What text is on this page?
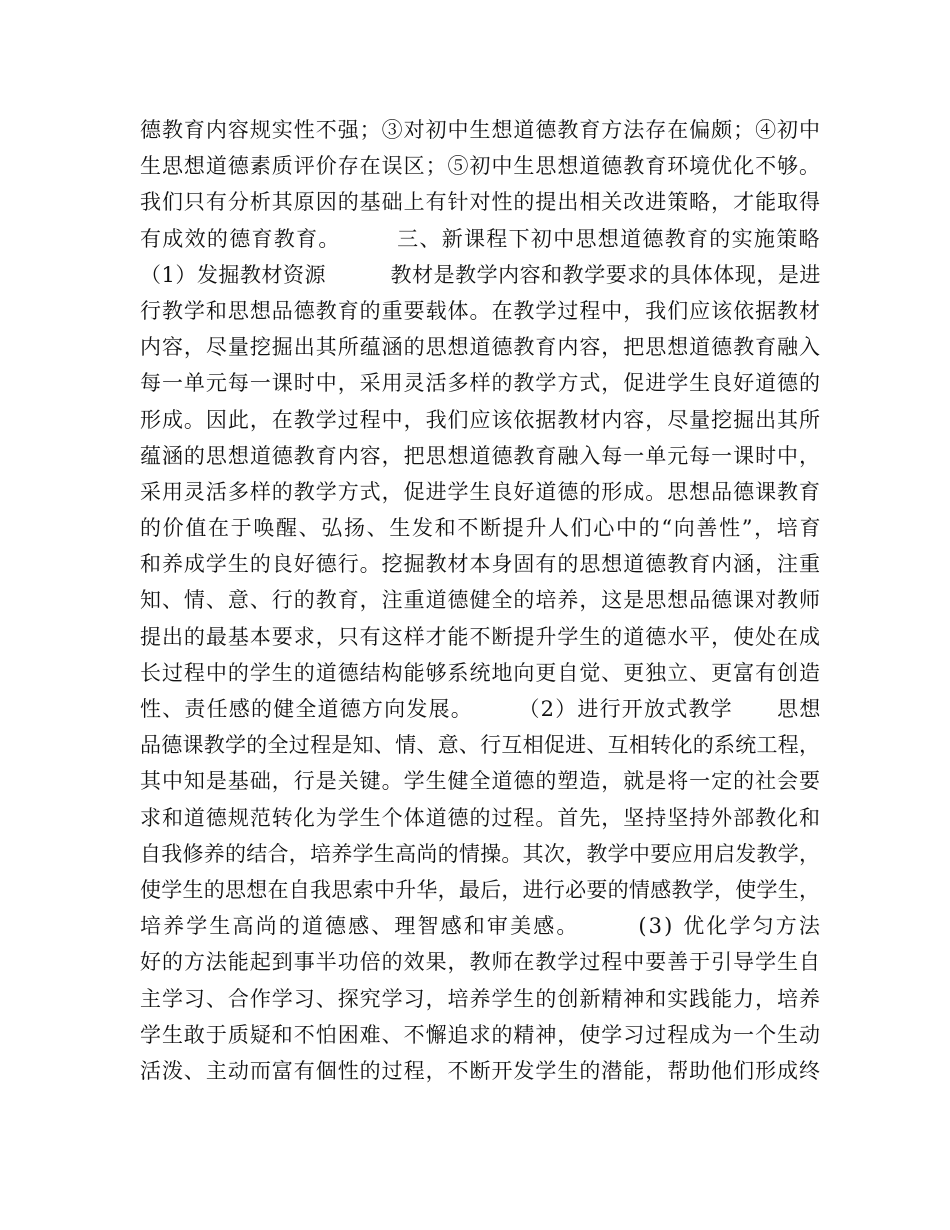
德教育内容规实性不强；③对初中生想道德教育方法存在偏颇；④初中
生思想道德素质评价存在误区；⑤初中生思想道德教育环境优化不够。
我们只有分析其原因的基础上有针对性的提出相关改进策略，才能取得
有成效的德育教育。　　　三、新课程下初中思想道德教育的实施策略
（1）发掘教材资源　　　教材是教学内容和教学要求的具体体现，是进
行教学和思想品德教育的重要载体。在教学过程中，我们应该依据教材
内容，尽量挖掘出其所蕴涵的思想道德教育内容，把思想道德教育融入
每一单元每一课时中，采用灵活多样的教学方式，促进学生良好道德的
形成。因此，在教学过程中，我们应该依据教材内容，尽量挖掘出其所
蕴涵的思想道德教育内容，把思想道德教育融入每一单元每一课时中，
采用灵活多样的教学方式，促进学生良好道德的形成。思想品德课教育
的价值在于唤醒、弘扬、生发和不断提升人们心中的“向善性”，培育
和养成学生的良好德行。挖掘教材本身固有的思想道德教育内涵，注重
知、情、意、行的教育，注重道德健全的培养，这是思想品德课对教师
提出的最基本要求，只有这样才能不断提升学生的道德水平，使处在成
长过程中的学生的道德结构能够系统地向更自觉、更独立、更富有创造
性、责任感的健全道德方向发展。　　　（2）进行开放式教学　　思想
品德课教学的全过程是知、情、意、行互相促进、互相转化的系统工程，
其中知是基础，行是关键。学生健全道德的塑造，就是将一定的社会要
求和道德规范转化为学生个体道德的过程。首先，坚持坚持外部教化和
自我修养的结合，培养学生高尚的情操。其次，教学中要应用启发教学，
使学生的思想在自我思索中升华，最后，进行必要的情感教学，使学生，
培养学生高尚的道德感、理智感和审美感。　　　(3) 优化学匀方法
好的方法能起到事半功倍的效果，教师在教学过程中要善于引导学生自
主学习、合作学习、探究学习，培养学生的创新精神和实践能力，培养
学生敢于质疑和不怕困难、不懈追求的精神，使学习过程成为一个生动
活泼、主动而富有個性的过程，不断开发学生的潜能，帮助他们形成终
